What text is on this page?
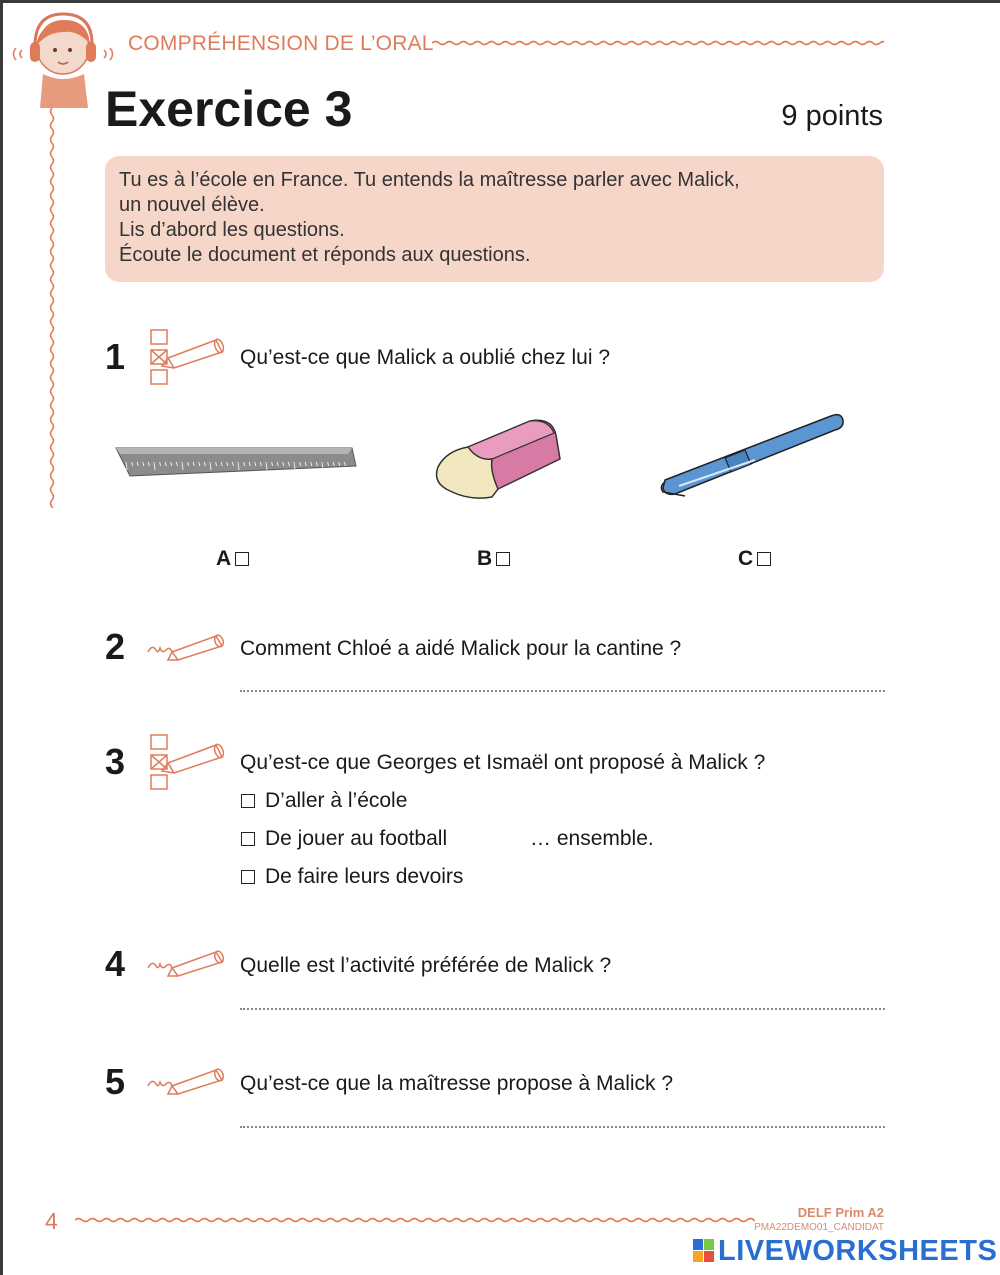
COMPRÉHENSION DE L’ORAL
Exercice 3	9 points
Tu es à l’école en France. Tu entends la maîtresse parler avec Malick,
un nouvel élève.
Lis d’abord les questions.
Écoute le document et réponds aux questions.
1	Qu’est-ce que Malick a oublié chez lui ?
A	B	C
2	Comment Chloé a aidé Malick pour la cantine ?
3	Qu’est-ce que Georges et Ismaël ont proposé à Malick ?
D’aller à l’école
De jouer au football	… ensemble.
De faire leurs devoirs
4	Quelle est l’activité préférée de Malick ?
5	Qu’est-ce que la maîtresse propose à Malick ?
4	DELF Prim A2
PMA22DEMO01_CANDIDAT
LIVEWORKSHEETS
